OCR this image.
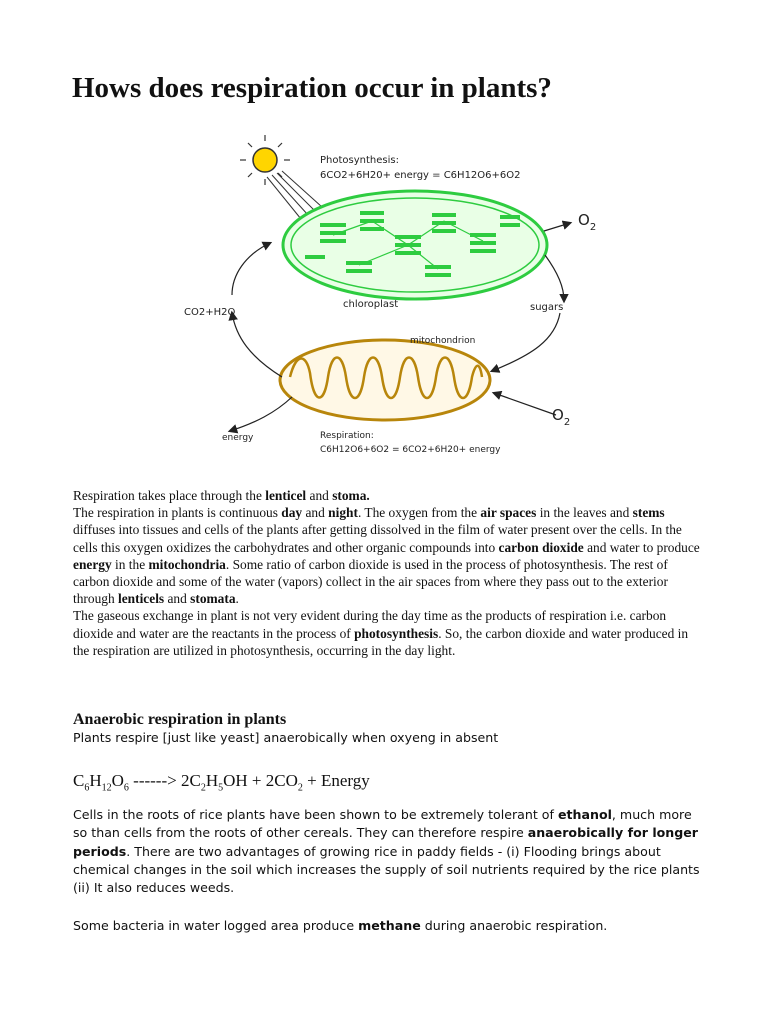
Hows does respiration occur in plants?
Photosynthesis:
6CO2+6H20+ energy = C6H12O6+6O2
chloroplast
mitochondrion
$O_2$
$O_2$
sugars
CO2+H2O
energy	Respiration:
C6H12O6+6O2 = 6CO2+6H20+ energy

Respiration takes place through the lenticel and stoma.

The respiration in plants is continuous day and night. The oxygen from the air spaces in the leaves and stems diffuses into tissues and cells of the plants after getting dissolved in the film of water present over the cells. In the cells this oxygen oxidizes the carbohydrates and other organic compounds into carbon dioxide and water to produce energy in the mitochondria. Some ratio of carbon dioxide is used in the process of photosynthesis. The rest of carbon dioxide and some of the water (vapors) collect in the air spaces from where they pass out to the exterior through lenticels and stomata.

The gaseous exchange in plant is not very evident during the day time as the products of respiration i.e. carbon dioxide and water are the reactants in the process of photosynthesis. So, the carbon dioxide and water produced in the respiration are utilized in photosynthesis, occurring in the day light.

Anaerobic respiration in plants
Plants respire [just like yeast] anaerobically when oxyeng in absent
$C_6H_{12}O_6$ ------> $2C_2H_5OH + 2CO_2$ + Energy

Cells in the roots of rice plants have been shown to be extremely tolerant of ethanol, much more so than cells from the roots of other cereals. They can therefore respire anaerobically for longer periods. There are two advantages of growing rice in paddy fields - (i) Flooding brings about chemical changes in the soil which increases the supply of soil nutrients required by the rice plants (ii) It also reduces weeds.

Some bacteria in water logged area produce methane during anaerobic respiration.
